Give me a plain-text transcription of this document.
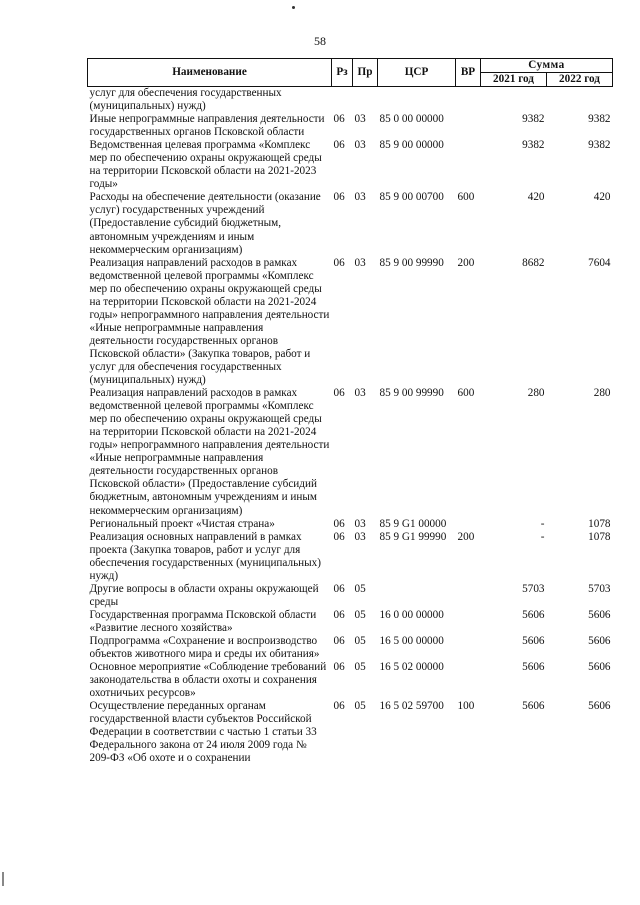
58
Наименование	Рз	Пр	ЦСР	ВР	Сумма	
					2021 год	2022 год
услуг для обеспечения государственных (муниципальных) нужд)						
Иные непрограммные направления деятельности государственных органов Псковской области	06	03	85 0 00 00000		9382	9382
Ведомственная целевая программа «Комплекс мер по обеспечению охраны окружающей среды на территории Псковской области на 2021-2023 годы»	06	03	85 9 00 00000		9382	9382
Расходы на обеспечение деятельности (оказание услуг) государственных учреждений (Предоставление субсидий бюджетным, автономным учреждениям и иным некоммерческим организациям)	06	03	85 9 00 00700	600	420	420
Реализация направлений расходов в рамках ведомственной целевой программы «Комплекс мер по обеспечению охраны окружающей среды на территории Псковской области на 2021-2024 годы» непрограммного направления деятельности «Иные непрограммные направления деятельности государственных органов Псковской области» (Закупка товаров, работ и услуг для обеспечения государственных (муниципальных) нужд)	06	03	85 9 00 99990	200	8682	7604
Реализация направлений расходов в рамках ведомственной целевой программы «Комплекс мер по обеспечению охраны окружающей среды на территории Псковской области на 2021-2024 годы» непрограммного направления деятельности «Иные непрограммные направления деятельности государственных органов Псковской области» (Предоставление субсидий бюджетным, автономным учреждениям и иным некоммерческим организациям)	06	03	85 9 00 99990	600	280	280
Региональный проект «Чистая страна»	06	03	85 9 G1 00000		-	1078
Реализация основных направлений в рамках проекта (Закупка товаров, работ и услуг для обеспечения государственных (муниципальных) нужд)	06	03	85 9 G1 99990	200	-	1078
Другие вопросы в области охраны окружающей среды	06	05			5703	5703
Государственная программа Псковской области «Развитие лесного хозяйства»	06	05	16 0 00 00000		5606	5606
Подпрограмма «Сохранение и воспроизводство объектов животного мира и среды их обитания»	06	05	16 5 00 00000		5606	5606
Основное мероприятие «Соблюдение требований законодательства в области охоты и сохранения охотничьих ресурсов»	06	05	16 5 02 00000		5606	5606
Осуществление переданных органам государственной власти субъектов Российской Федерации в соответствии с частью 1 статьи 33 Федерального закона от 24 июля 2009 года № 209-ФЗ «Об охоте и о сохранении	06	05	16 5 02 59700	100	5606	5606
